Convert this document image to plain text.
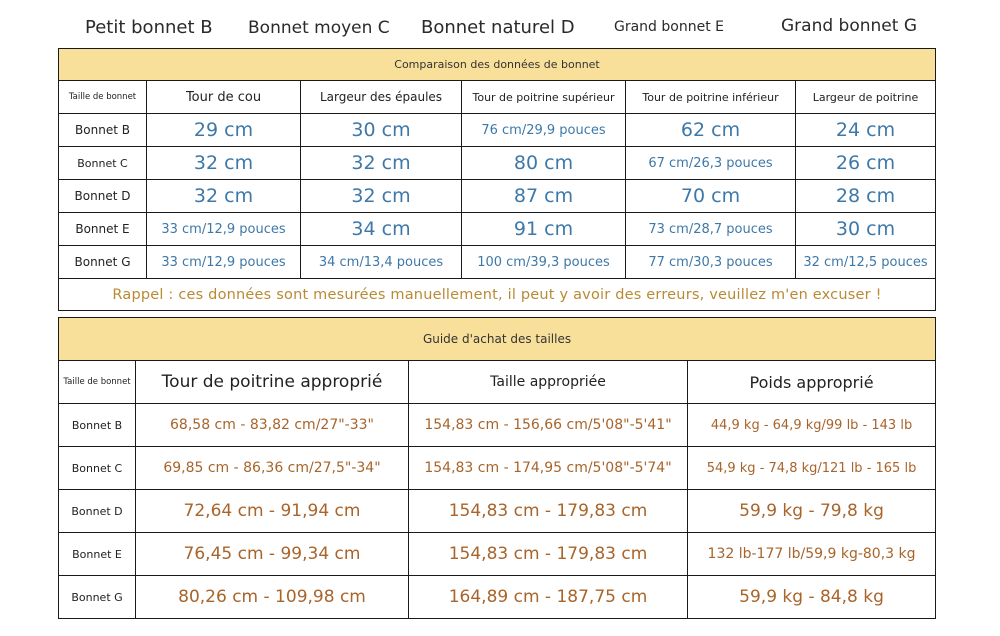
Petit bonnet B Bonnet moyen C Bonnet naturel D	Grand bonnet E	Grand bonnet G
Comparaison des données de bonnet					
Taille de bonnet	Tour de cou	Largeur des épaules	Tour de poitrine supérieur	Tour de poitrine inférieur	Largeur de poitrine
Bonnet B	29 cm	30 cm	76 cm/29,9 pouces	62 cm	24 cm
Bonnet C	32 cm	32 cm	80 cm	67 cm/26,3 pouces	26 cm
Bonnet D	32 cm	32 cm	87 cm	70 cm	28 cm
Bonnet E	33 cm/12,9 pouces	34 cm	91 cm	73 cm/28,7 pouces	30 cm
Bonnet G	33 cm/12,9 pouces	34 cm/13,4 pouces	100 cm/39,3 pouces	77 cm/30,3 pouces	32 cm/12,5 pouces
Rappel : ces données sont mesurées manuellement, il peut y avoir des erreurs, veuillez m'en excuser !					
Guide d'achat des tailles			
Taille de bonnet	Tour de poitrine approprié	Taille appropriée	Poids approprié
Bonnet B	68,58 cm - 83,82 cm/27"-33"	154,83 cm - 156,66 cm/5'08"-5'41"	44,9 kg - 64,9 kg/99 lb - 143 lb
Bonnet C	69,85 cm - 86,36 cm/27,5"-34"	154,83 cm - 174,95 cm/5'08"-5'74"	54,9 kg - 74,8 kg/121 lb - 165 lb
Bonnet D	72,64 cm - 91,94 cm	154,83 cm - 179,83 cm	59,9 kg - 79,8 kg
Bonnet E	76,45 cm - 99,34 cm	154,83 cm - 179,83 cm	132 lb-177 lb/59,9 kg-80,3 kg
Bonnet G	80,26 cm - 109,98 cm	164,89 cm - 187,75 cm	59,9 kg - 84,8 kg
